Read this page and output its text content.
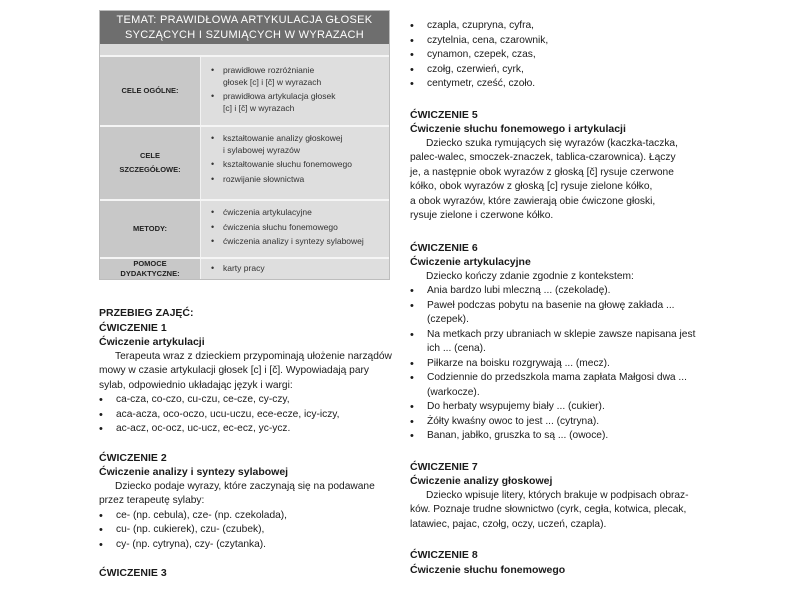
TEMAT: PRAWIDŁOWA ARTYKULACJA GŁOSEK
SYCZĄCYCH I SZUMIĄCYCH W WYRAZACH
CELE OGÓLNE:
• prawidłowe rozróżnianie
głosek [c] i [č] w wyrazach
• prawidłowa artykulacja głosek
[c] i [č] w wyrazach
CELE
SZCZEGÓŁOWE:
• kształtowanie analizy głoskowej
i sylabowej wyrazów
• kształtowanie słuchu fonemowego
• rozwijanie słownictwa
METODY:
• ćwiczenia artykulacyjne
• ćwiczenia słuchu fonemowego
• ćwiczenia analizy i syntezy sylabowej
POMOCE
DYDAKTYCZNE:
• karty pracy

PRZEBIEG ZAJĘĆ:

ĆWICZENIE 1

Ćwiczenie artykulacji

Terapeuta wraz z dzieckiem przypominają ułożenie narządów

mowy w czasie artykulacji głosek [c] i [č]. Wypowiadają pary

sylab, odpowiednio układając język i wargi:

• ca-cza, co-czo, cu-czu, ce-cze, cy-czy,
• aca-acza, oco-oczo, ucu-uczu, ece-ecze, icy-iczy,
• ac-acz, oc-ocz, uc-ucz, ec-ecz, yc-ycz.

ĆWICZENIE 2

Ćwiczenie analizy i syntezy sylabowej

Dziecko podaje wyrazy, które zaczynają się na podawane

przez terapeutę sylaby:

• ce- (np. cebula), cze- (np. czekolada),
• cu- (np. cukierek), czu- (czubek),
• cy- (np. cytryna), czy- (czytanka).

ĆWICZENIE 3

• czapla, czupryna, cyfra,
• czytelnia, cena, czarownik,
• cynamon, czepek, czas,
• czołg, czerwień, cyrk,
• centymetr, cześć, czoło.

ĆWICZENIE 5

Ćwiczenie słuchu fonemowego i artykulacji

Dziecko szuka rymujących się wyrazów (kaczka-taczka,

palec-walec, smoczek-znaczek, tablica-czarownica). Łączy

je, a następnie obok wyrazów z głoską [č] rysuje czerwone

kółko, obok wyrazów z głoską [c] rysuje zielone kółko,

a obok wyrazów, które zawierają obie ćwiczone głoski,

rysuje zielone i czerwone kółko.

ĆWICZENIE 6

Ćwiczenie artykulacyjne

Dziecko kończy zdanie zgodnie z kontekstem:

• Ania bardzo lubi mleczną ... (czekoladę).
• Paweł podczas pobytu na basenie na głowę zakłada ...
(czepek).
• Na metkach przy ubraniach w sklepie zawsze napisana jest
ich ... (cena).
• Piłkarze na boisku rozgrywają ... (mecz).
• Codziennie do przedszkola mama zapłata Małgosi dwa ...
(warkocze).
• Do herbaty wsypujemy biały ... (cukier).
• Żółty kwaśny owoc to jest ... (cytryna).
• Banan, jabłko, gruszka to są ... (owoce).

ĆWICZENIE 7

Ćwiczenie analizy głoskowej

Dziecko wpisuje litery, których brakuje w podpisach obraz-

ków. Poznaje trudne słownictwo (cyrk, cegła, kotwica, plecak,

latawiec, pajac, czołg, oczy, uczeń, czapla).

ĆWICZENIE 8

Ćwiczenie słuchu fonemowego
